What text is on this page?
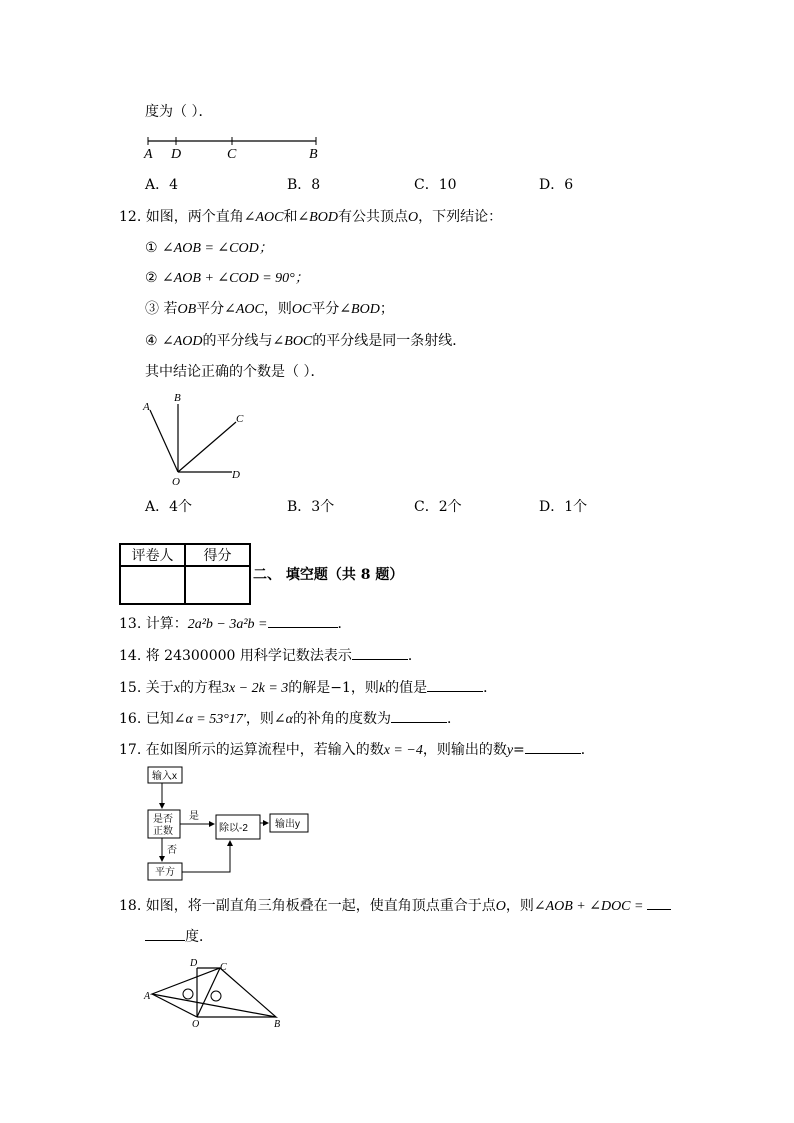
度为（ ）．
A D	C	B
A．4	B．8	C．10	D．6
12. 如图，两个直角∠AOC和∠BOD有公共顶点O，下列结论：
① ∠AOB = ∠COD；
② ∠AOB + ∠COD = 90°；
③ 若OB平分∠AOC，则OC平分∠BOD；
④ ∠AOD的平分线与∠BOC的平分线是同一条射线．
其中结论正确的个数是（ ）．
A
B
C
D
O
A．4个	B．3个	C．2个	D．1个
评卷人	得分

二、 填空题（共 8 题）
13. 计算：2a²b − 3a²b =	．
14. 将 24300000 用科学记数法表示	．
15. 关于x的方程3x − 2k = 3的解是−1，则k的值是	．
16. 已知∠α = 53°17′，则∠α的补角的度数为	．
17. 在如图所示的运算流程中，若输入的数x = −4，则输出的数y=	．
输入x
是否
正数
是
除以-2	输出y
否
平方
18. 如图，将一副直角三角板叠在一起，使直角顶点重合于点O，则∠AOB + ∠DOC =
度．
D C
A
O	B
